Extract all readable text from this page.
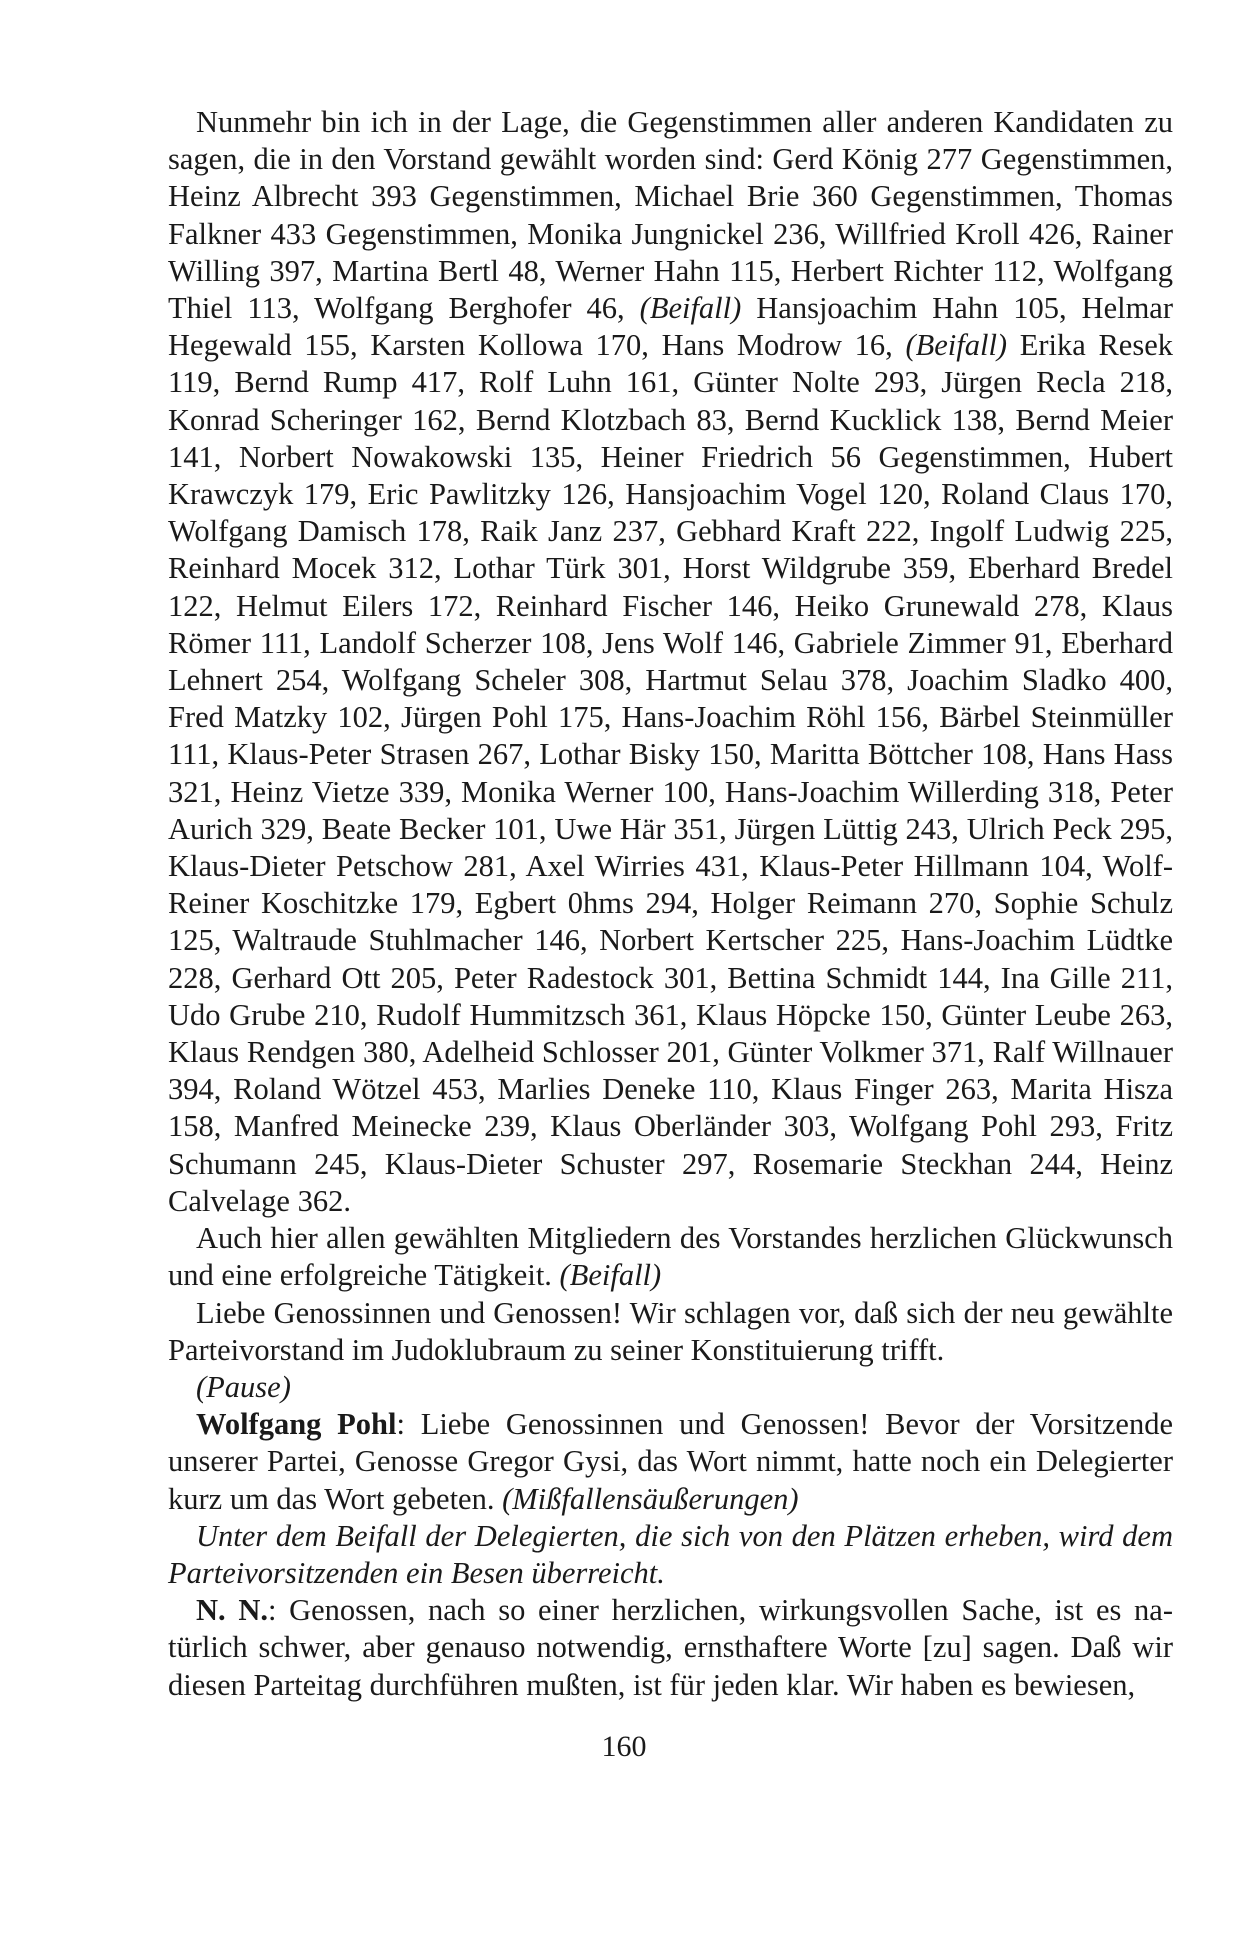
Nunmehr bin ich in der Lage, die Gegenstimmen aller anderen Kandidaten zu sagen, die in den Vorstand gewählt worden sind: Gerd König 277 Gegenstimmen, Heinz Albrecht 393 Gegenstimmen, Michael Brie 360 Gegenstimmen, Thomas Falkner 433 Gegenstimmen, Monika Jungnickel 236, Willfried Kroll 426, Rainer Willing 397, Martina Bertl 48, Werner Hahn 115, Herbert Richter 112, Wolfgang Thiel 113, Wolfgang Berghofer 46, (Beifall) Hansjoachim Hahn 105, Helmar Hegewald 155, Karsten Kollowa 170, Hans Modrow 16, (Beifall) Erika Resek 119, Bernd Rump 417, Rolf Luhn 161, Günter Nolte 293, Jürgen Recla 218, Konrad Scheringer 162, Bernd Klotzbach 83, Bernd Kucklick 138, Bernd Meier 141, Norbert Nowakowski 135, Heiner Friedrich 56 Gegenstimmen, Hubert Krawczyk 179, Eric Pawlitzky 126, Hansjoachim Vogel 120, Roland Claus 170, Wolfgang Damisch 178, Raik Janz 237, Gebhard Kraft 222, Ingolf Ludwig 225, Reinhard Mocek 312, Lothar Türk 301, Horst Wildgrube 359, Eberhard Bredel 122, Helmut Eilers 172, Reinhard Fischer 146, Heiko Grunewald 278, Klaus Römer 111, Landolf Scherzer 108, Jens Wolf 146, Gabriele Zimmer 91, Eberhard Lehnert 254, Wolfgang Scheler 308, Hartmut Selau 378, Joachim Sladko 400, Fred Matzky 102, Jürgen Pohl 175, Hans-Joachim Röhl 156, Bärbel Steinmüller 111, Klaus-Peter Strasen 267, Lothar Bisky 150, Maritta Böttcher 108, Hans Hass 321, Heinz Vietze 339, Monika Werner 100, Hans-Joachim Willerding 318, Peter Aurich 329, Beate Becker 101, Uwe Här 351, Jürgen Lüttig 243, Ulrich Peck 295, Klaus-Dieter Petschow 281, Axel Wirries 431, Klaus-Peter Hillmann 104, Wolf-Reiner Koschitzke 179, Egbert 0hms 294, Holger Reimann 270, Sophie Schulz 125, Waltraude Stuhlmacher 146, Norbert Kertscher 225, Hans-Joachim Lüdtke 228, Gerhard Ott 205, Peter Radestock 301, Bettina Schmidt 144, Ina Gille 211, Udo Grube 210, Rudolf Hummitzsch 361, Klaus Höpcke 150, Günter Leube 263, Klaus Rendgen 380, Adelheid Schlosser 201, Günter Volkmer 371, Ralf Willnauer 394, Roland Wötzel 453, Marlies Deneke 110, Klaus Finger 263, Marita Hisza 158, Manfred Meinecke 239, Klaus Oberländer 303, Wolfgang Pohl 293, Fritz Schumann 245, Klaus-Dieter Schuster 297, Rosemarie Steckhan 244, Heinz Calvelage 362.

Auch hier allen gewählten Mitgliedern des Vorstandes herzlichen Glückwunsch und eine erfolgreiche Tätigkeit. (Beifall)

Liebe Genossinnen und Genossen! Wir schlagen vor, daß sich der neu gewählte Parteivorstand im Judoklubraum zu seiner Konstituierung trifft.

(Pause)

Wolfgang Pohl: Liebe Genossinnen und Genossen! Bevor der Vorsitzende unserer Partei, Genosse Gregor Gysi, das Wort nimmt, hatte noch ein Delegierter kurz um das Wort gebeten. (Mißfallensäußerungen)

Unter dem Beifall der Delegierten, die sich von den Plätzen erheben, wird dem Parteivorsitzenden ein Besen überreicht.

N. N.: Genossen, nach so einer herzlichen, wirkungsvollen Sache, ist es natürlich schwer, aber genauso notwendig, ernsthaftere Worte [zu] sagen. Daß wir diesen Parteitag durchführen mußten, ist für jeden klar. Wir haben es bewiesen,

160
